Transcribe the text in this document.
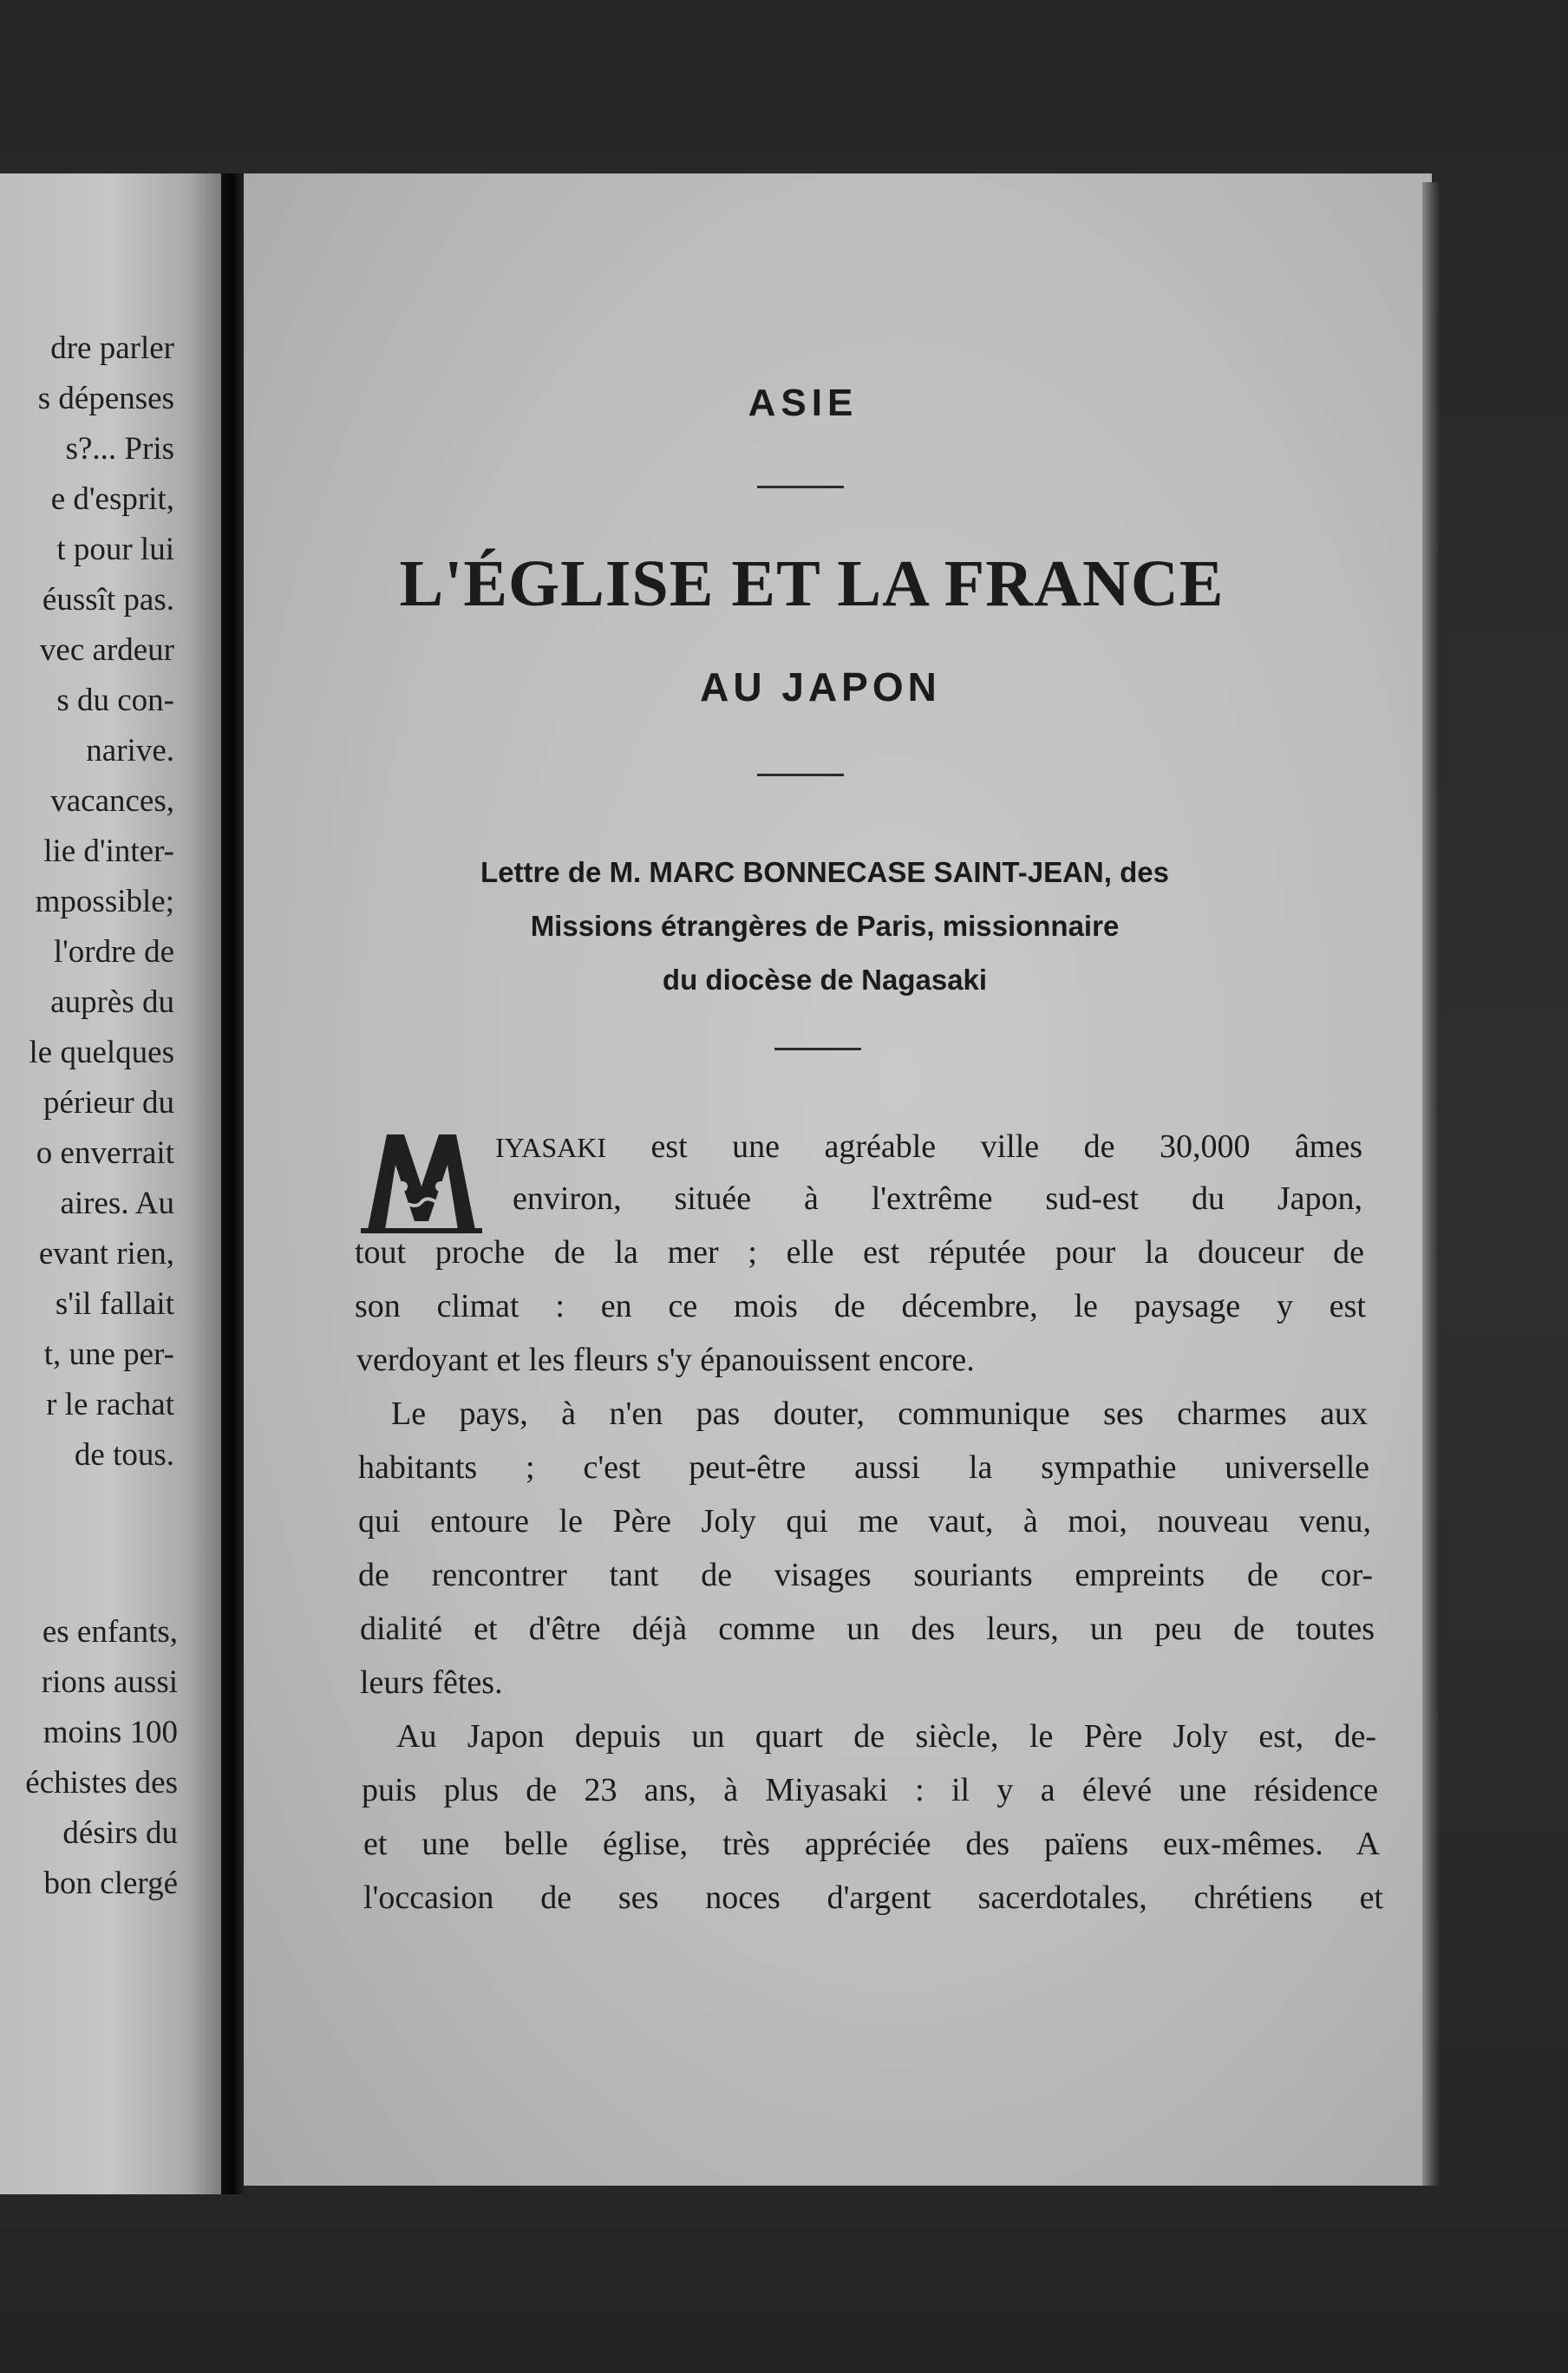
dre parler
s dépenses
s?... Pris
e d'esprit,
t pour lui
éussît pas.
vec ardeur
s du con-
narive.
vacances,
lie d'inter-
mpossible;
l'ordre de
auprès du
le quelques
périeur du
o enverrait
aires. Au
evant rien,
s'il fallait
t, une per-
r le rachat
de tous.
es enfants,
rions aussi
moins 100
échistes des
désirs du
bon clergé
ASIE
L'ÉGLISE ET LA FRANCE
AU JAPON
Lettre de M. MARC BONNECASE SAINT-JEAN, des
Missions étrangères de Paris, missionnaire
du diocèse de Nagasaki
IYASAKI est une agréable ville de 30,000 âmes
environ, située à l'extrême sud-est du Japon,
tout proche de la mer ; elle est réputée pour la douceur de
son climat : en ce mois de décembre, le paysage y est
verdoyant et les fleurs s'y épanouissent encore.
Le pays, à n'en pas douter, communique ses charmes aux
habitants ; c'est peut-être aussi la sympathie universelle
qui entoure le Père Joly qui me vaut, à moi, nouveau venu,
de rencontrer tant de visages souriants empreints de cor-
dialité et d'être déjà comme un des leurs, un peu de toutes
leurs fêtes.
Au Japon depuis un quart de siècle, le Père Joly est, de-
puis plus de 23 ans, à Miyasaki : il y a élevé une résidence
et une belle église, très appréciée des païens eux-mêmes. A
l'occasion de ses noces d'argent sacerdotales, chrétiens et
